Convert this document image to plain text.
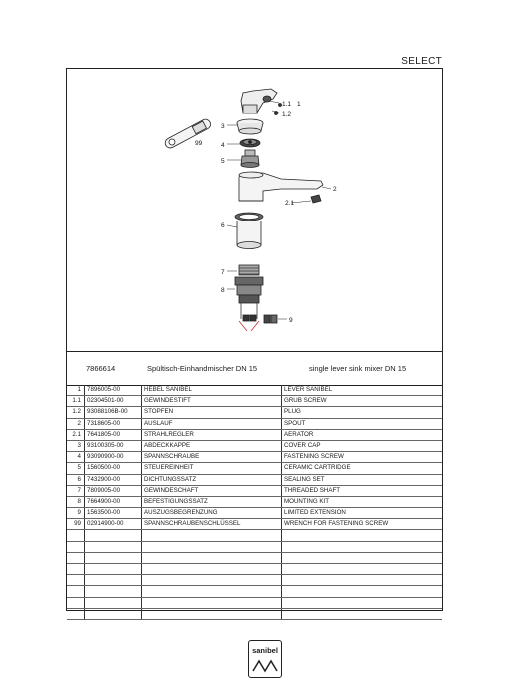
SELECT
1.1 1
1.2
3
4
5
99
2
2.1
6
7
8
9
7866614	Spültisch-Einhandmischer DN 15	single lever sink mixer DN 15
1	7896005-00	HEBEL SANIBEL	LEVER SANIBEL
1.1	02304501-00	GEWINDESTIFT	GRUB SCREW
1.2	93088106B-00	STOPFEN	PLUG
2	7318605-00	AUSLAUF	SPOUT
2.1	7641805-00	STRAHLREGLER	AERATOR
3	93100305-00	ABDECKKAPPE	COVER CAP
4	93090900-00	SPANNSCHRAUBE	FASTENING SCREW
5	1560500-00	STEUEREINHEIT	CERAMIC CARTRIDGE
6	7432900-00	DICHTUNGSSATZ	SEALING SET
7	7809005-00	GEWINDESCHAFT	THREADED SHAFT
8	7664900-00	BEFESTIGUNGSSATZ	MOUNTING KIT
9	1563500-00	AUSZUGSBEGRENZUNG	LIMITED EXTENSION
99	02914900-00	SPANNSCHRAUBENSCHLÜSSEL	WRENCH FOR FASTENING SCREW

sanibel
